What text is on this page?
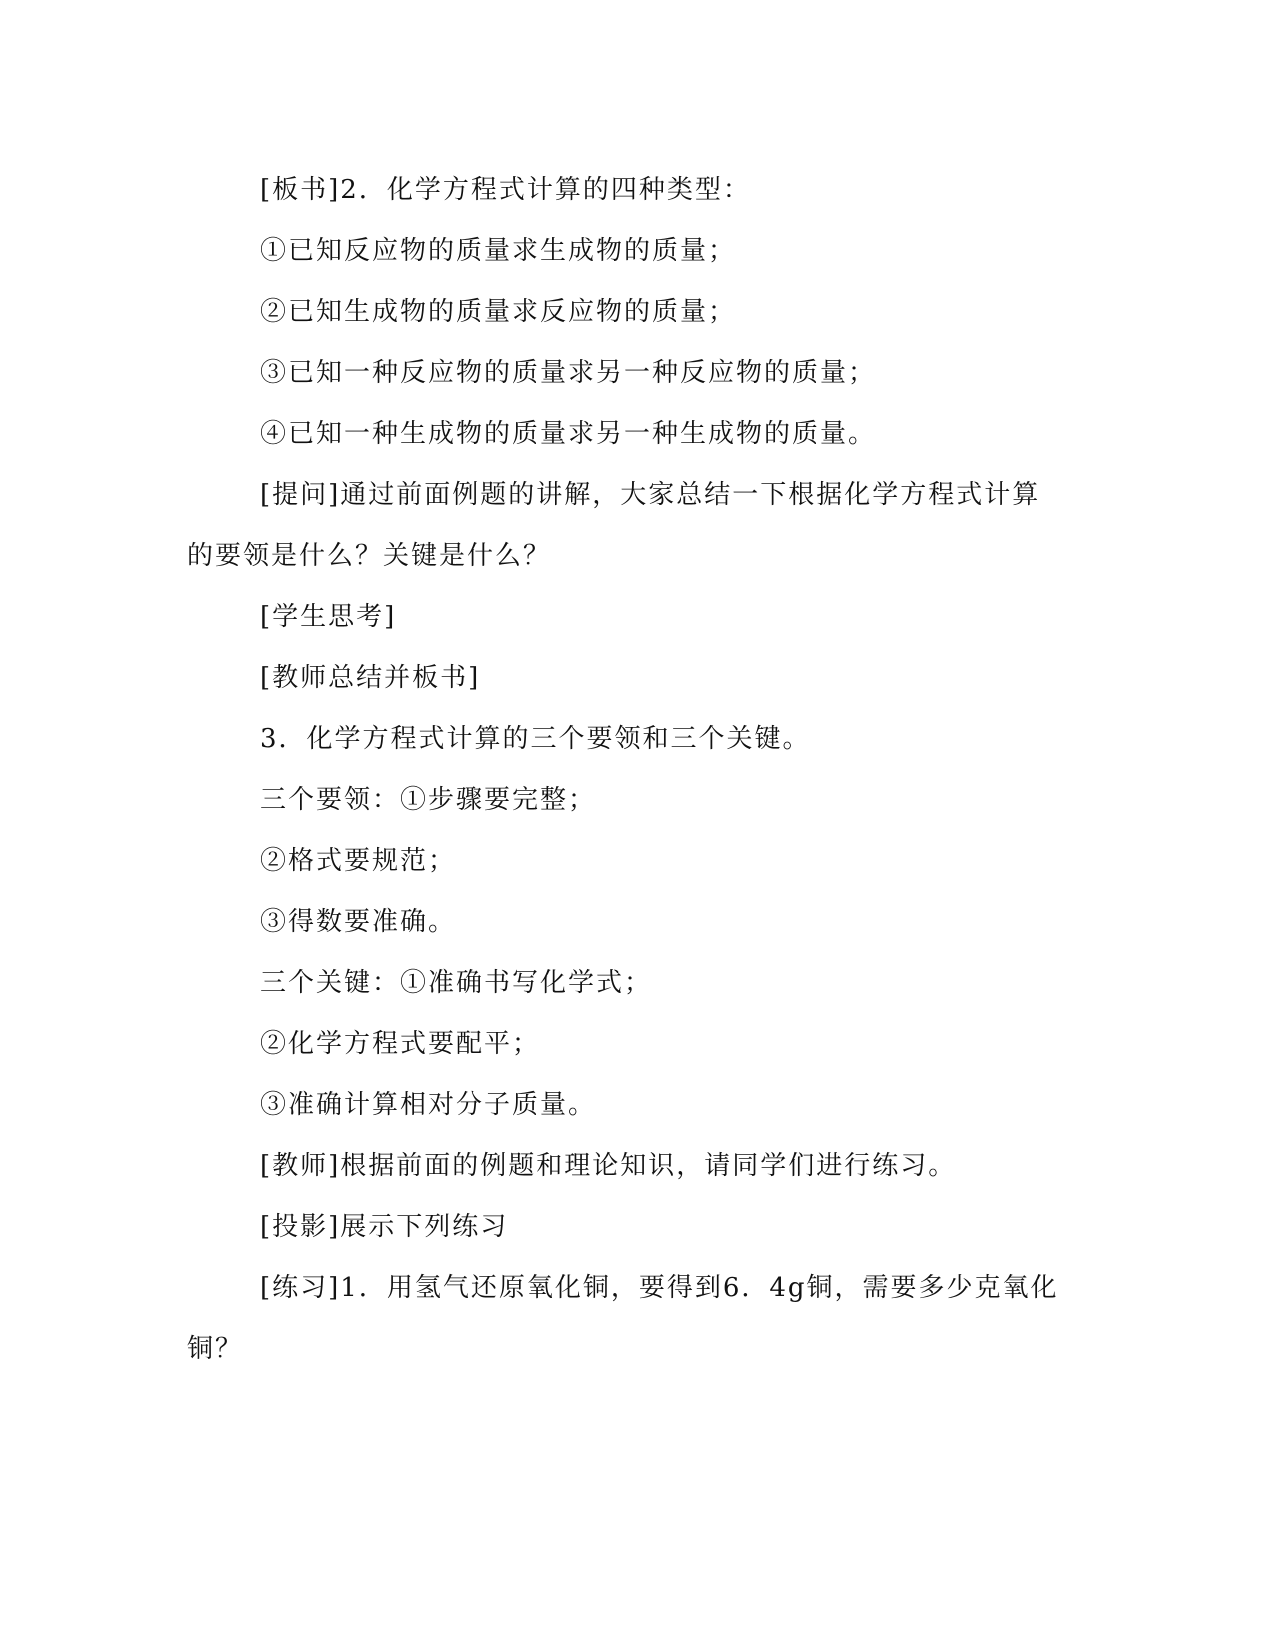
[板书]2．化学方程式计算的四种类型：
①已知反应物的质量求生成物的质量；
②已知生成物的质量求反应物的质量；
③已知一种反应物的质量求另一种反应物的质量；
④已知一种生成物的质量求另一种生成物的质量。
[提问]通过前面例题的讲解，大家总结一下根据化学方程式计算
的要领是什么？关键是什么？
[学生思考]
[教师总结并板书]
3．化学方程式计算的三个要领和三个关键。
三个要领：①步骤要完整；
②格式要规范；
③得数要准确。
三个关键：①准确书写化学式；
②化学方程式要配平；
③准确计算相对分子质量。
[教师]根据前面的例题和理论知识，请同学们进行练习。
[投影]展示下列练习
[练习]1．用氢气还原氧化铜，要得到6．4g铜，需要多少克氧化
铜？
